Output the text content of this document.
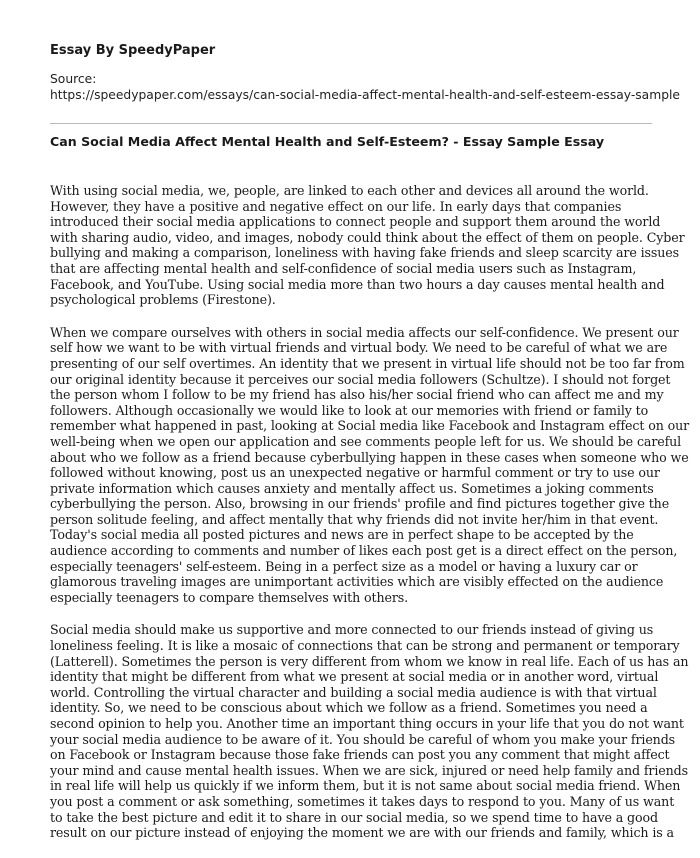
Essay By SpeedyPaper
Source:
https://speedypaper.com/essays/can-social-media-affect-mental-health-and-self-esteem-essay-sample
Can Social Media Affect Mental Health and Self-Esteem? - Essay Sample Essay

With using social media, we, people, are linked to each other and devices all around the world.
However, they have a positive and negative effect on our life. In early days that companies
introduced their social media applications to connect people and support them around the world
with sharing audio, video, and images, nobody could think about the effect of them on people. Cyber
bullying and making a comparison, loneliness with having fake friends and sleep scarcity are issues
that are affecting mental health and self-confidence of social media users such as Instagram,
Facebook, and YouTube. Using social media more than two hours a day causes mental health and
psychological problems (Firestone).

When we compare ourselves with others in social media affects our self-confidence. We present our
self how we want to be with virtual friends and virtual body. We need to be careful of what we are
presenting of our self overtimes. An identity that we present in virtual life should not be too far from
our original identity because it perceives our social media followers (Schultze). I should not forget
the person whom I follow to be my friend has also his/her social friend who can affect me and my
followers. Although occasionally we would like to look at our memories with friend or family to
remember what happened in past, looking at Social media like Facebook and Instagram effect on our
well-being when we open our application and see comments people left for us. We should be careful
about who we follow as a friend because cyberbullying happen in these cases when someone who we
followed without knowing, post us an unexpected negative or harmful comment or try to use our
private information which causes anxiety and mentally affect us. Sometimes a joking comments
cyberbullying the person. Also, browsing in our friends' profile and find pictures together give the
person solitude feeling, and affect mentally that why friends did not invite her/him in that event.
Today's social media all posted pictures and news are in perfect shape to be accepted by the
audience according to comments and number of likes each post get is a direct effect on the person,
especially teenagers' self-esteem. Being in a perfect size as a model or having a luxury car or
glamorous traveling images are unimportant activities which are visibly effected on the audience
especially teenagers to compare themselves with others.

Social media should make us supportive and more connected to our friends instead of giving us
loneliness feeling. It is like a mosaic of connections that can be strong and permanent or temporary
(Latterell). Sometimes the person is very different from whom we know in real life. Each of us has an
identity that might be different from what we present at social media or in another word, virtual
world. Controlling the virtual character and building a social media audience is with that virtual
identity. So, we need to be conscious about which we follow as a friend. Sometimes you need a
second opinion to help you. Another time an important thing occurs in your life that you do not want
your social media audience to be aware of it. You should be careful of whom you make your friends
on Facebook or Instagram because those fake friends can post you any comment that might affect
your mind and cause mental health issues. When we are sick, injured or need help family and friends
in real life will help us quickly if we inform them, but it is not same about social media friend. When
you post a comment or ask something, sometimes it takes days to respond to you. Many of us want
to take the best picture and edit it to share in our social media, so we spend time to have a good
result on our picture instead of enjoying the moment we are with our friends and family, which is a
